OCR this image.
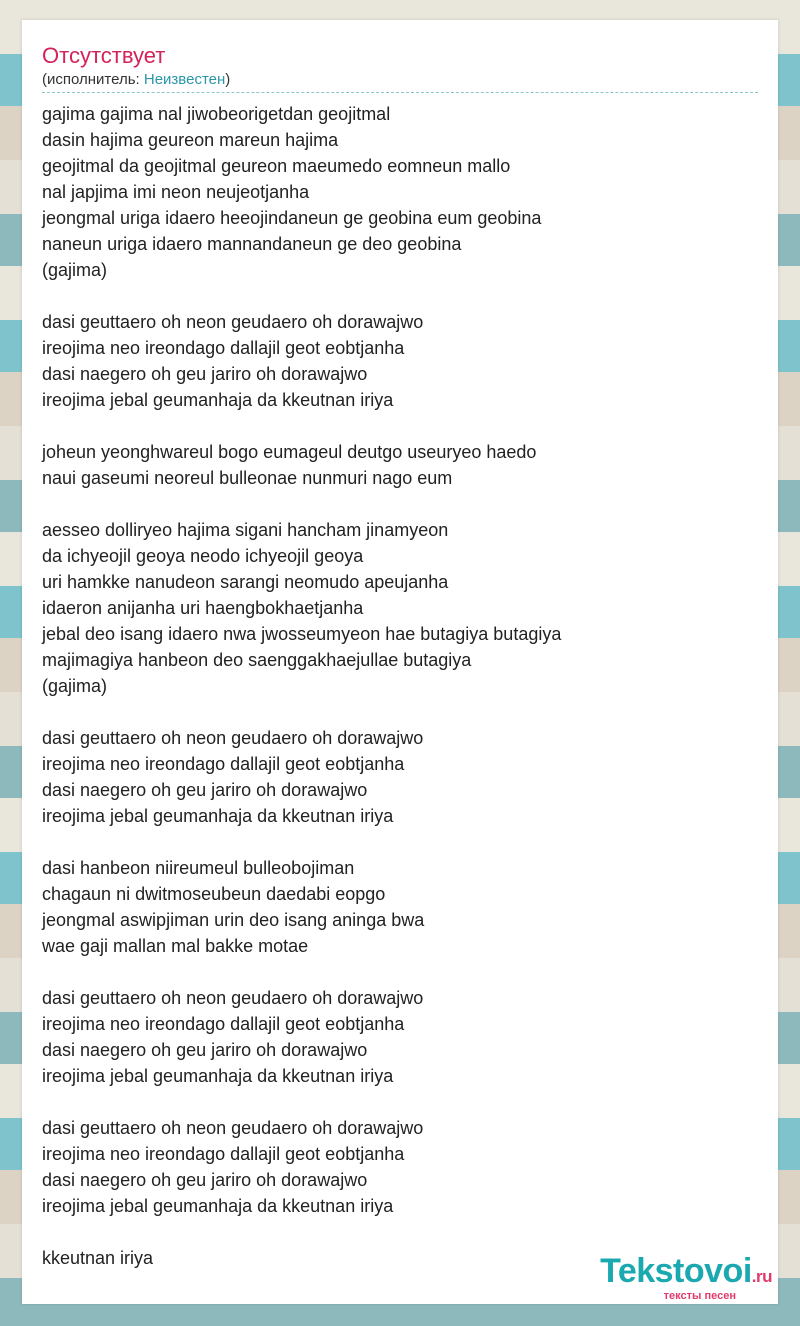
Отсутствует
(исполнитель: Неизвестен)
gajima gajima nal jiwobeorigetdan geojitmal
dasin hajima geureon mareun hajima
geojitmal da geojitmal geureon maeumedo eomneun mallo
nal japjima imi neon neujeotjanha
jeongmal uriga idaero heeojindaneun ge geobina eum geobina
naneun uriga idaero mannandaneun ge deo geobina
(gajima)
dasi geuttaero oh neon geudaero oh dorawajwo
ireojima neo ireondago dallajil geot eobtjanha
dasi naegero oh geu jariro oh dorawajwo
ireojima jebal geumanhaja da kkeutnan iriya
joheun yeonghwareul bogo eumageul deutgo useuryeo haedo
naui gaseumi neoreul bulleonae nunmuri nago eum
aesseo dolliryeo hajima sigani hancham jinamyeon
da ichyeojil geoya neodo ichyeojil geoya
uri hamkke nanudeon sarangi neomudo apeujanha
idaeron anijanha uri haengbokhaetjanha
jebal deo isang idaero nwa jwosseumyeon hae butagiya butagiya
majimagiya hanbeon deo saenggakhaejullae butagiya
(gajima)
dasi geuttaero oh neon geudaero oh dorawajwo
ireojima neo ireondago dallajil geot eobtjanha
dasi naegero oh geu jariro oh dorawajwo
ireojima jebal geumanhaja da kkeutnan iriya
dasi hanbeon niireumeul bulleobojiman
chagaun ni dwitmoseubeun daedabi eopgo
jeongmal aswipjiman urin deo isang aninga bwa
wae gaji mallan mal bakke motae
dasi geuttaero oh neon geudaero oh dorawajwo
ireojima neo ireondago dallajil geot eobtjanha
dasi naegero oh geu jariro oh dorawajwo
ireojima jebal geumanhaja da kkeutnan iriya
dasi geuttaero oh neon geudaero oh dorawajwo
ireojima neo ireondago dallajil geot eobtjanha
dasi naegero oh geu jariro oh dorawajwo
ireojima jebal geumanhaja da kkeutnan iriya
kkeutnan iriya	Tekstovoi.ru
тексты песен
